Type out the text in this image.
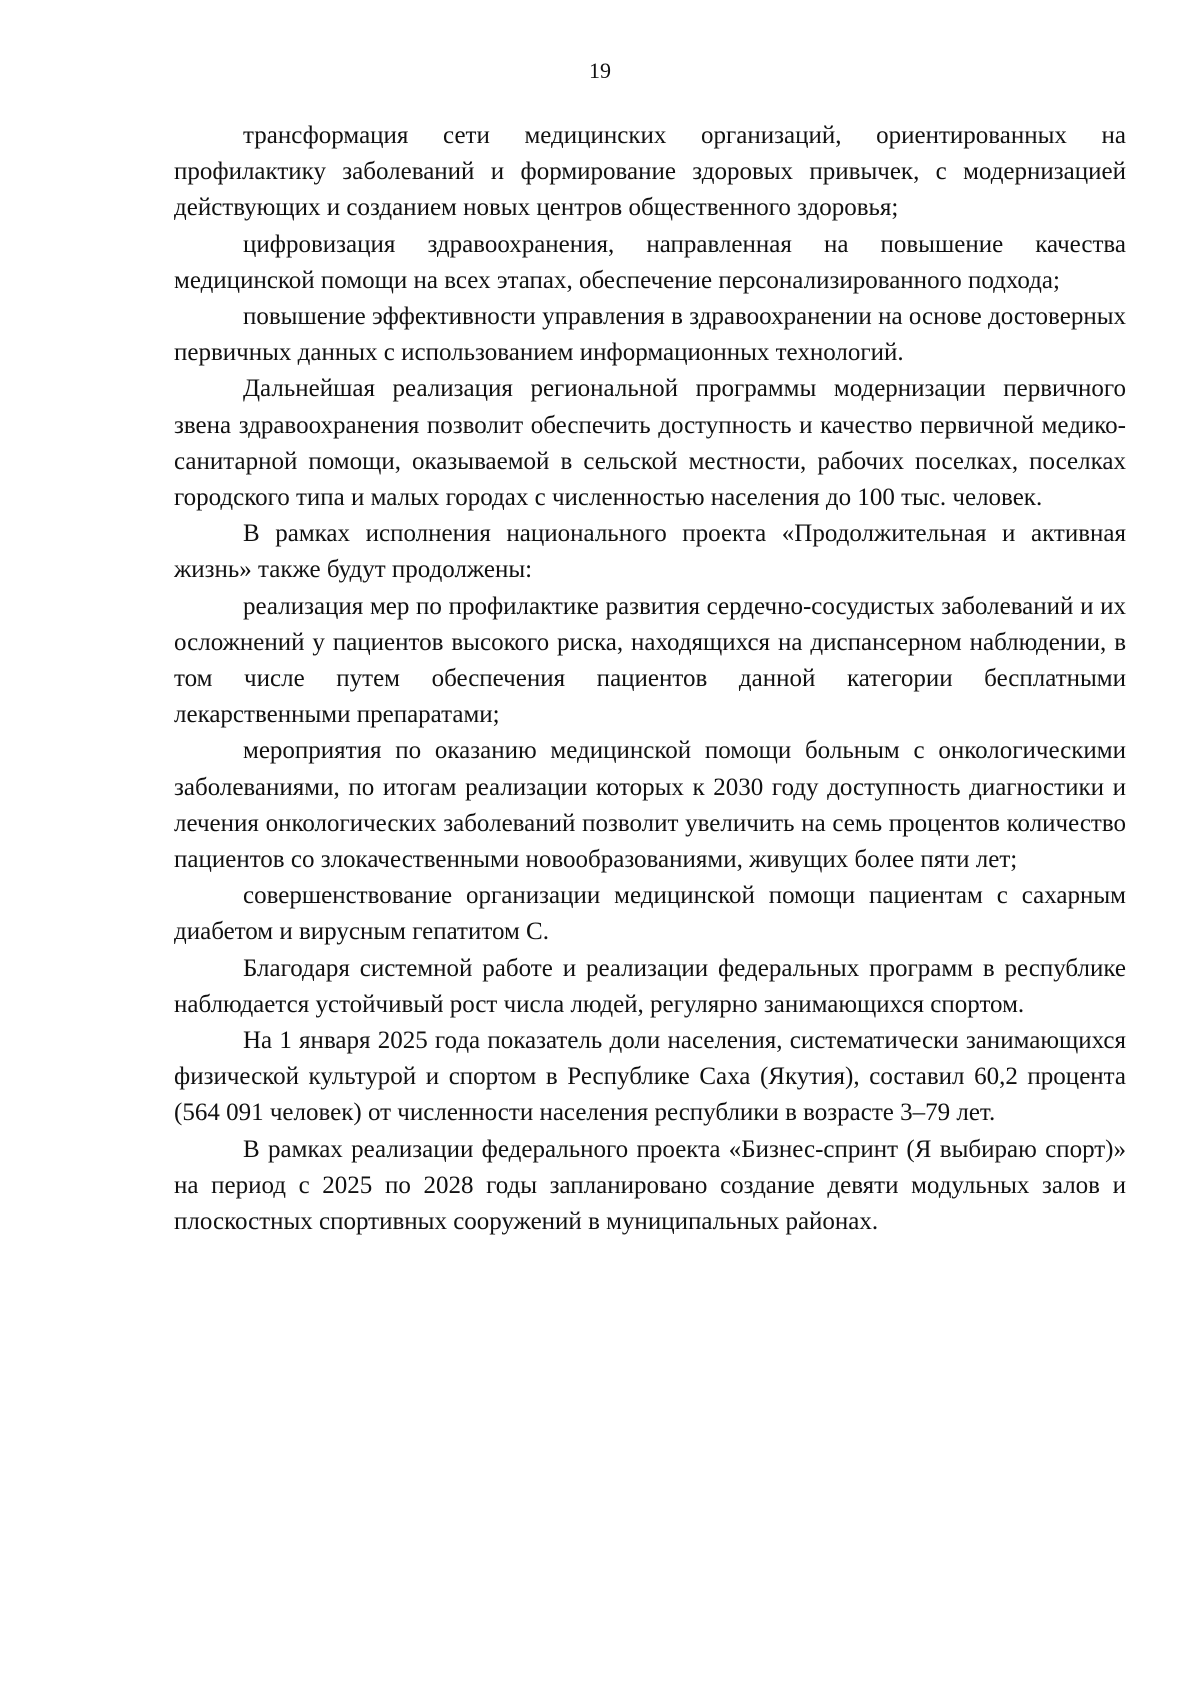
19

трансформация сети медицинских организаций, ориентированных на профилактику заболеваний и формирование здоровых привычек, с модернизацией действующих и созданием новых центров общественного здоровья;

цифровизация здравоохранения, направленная на повышение качества медицинской помощи на всех этапах, обеспечение персонализированного подхода;

повышение эффективности управления в здравоохранении на основе достоверных первичных данных с использованием информационных технологий.

Дальнейшая реализация региональной программы модернизации первичного звена здравоохранения позволит обеспечить доступность и качество первичной медико-санитарной помощи, оказываемой в сельской местности, рабочих поселках, поселках городского типа и малых городах с численностью населения до 100 тыс. человек.

В рамках исполнения национального проекта «Продолжительная и активная жизнь» также будут продолжены:

реализация мер по профилактике развития сердечно-сосудистых заболеваний и их осложнений у пациентов высокого риска, находящихся на диспансерном наблюдении, в том числе путем обеспечения пациентов данной категории бесплатными лекарственными препаратами;

мероприятия по оказанию медицинской помощи больным с онкологическими заболеваниями, по итогам реализации которых к 2030 году доступность диагностики и лечения онкологических заболеваний позволит увеличить на семь процентов количество пациентов со злокачественными новообразованиями, живущих более пяти лет;

совершенствование организации медицинской помощи пациентам с сахарным диабетом и вирусным гепатитом С.

Благодаря системной работе и реализации федеральных программ в республике наблюдается устойчивый рост числа людей, регулярно занимающихся спортом.

На 1 января 2025 года показатель доли населения, систематически занимающихся физической культурой и спортом в Республике Саха (Якутия), составил 60,2 процента (564 091 человек) от численности населения республики в возрасте 3–79 лет.

В рамках реализации федерального проекта «Бизнес-спринт (Я выбираю спорт)» на период с 2025 по 2028 годы запланировано создание девяти модульных залов и плоскостных спортивных сооружений в муниципальных районах.
